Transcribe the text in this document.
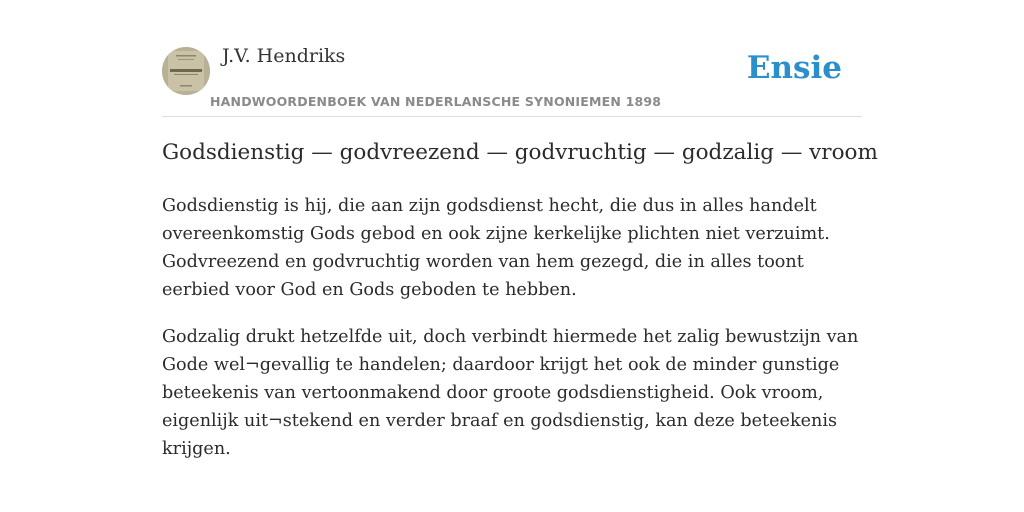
J.V. Hendriks
HANDWOORDENBOEK VAN NEDERLANSCHE SYNONIEMEN 1898
Ensie
Godsdienstig — godvreezend — godvruchtig — godzalig — vroom

Godsdienstig is hij, die aan zijn godsdienst hecht, die dus in alles handelt overeenkomstig Gods gebod en ook zijne kerkelijke plichten niet verzuimt. Godvreezend en godvruchtig worden van hem gezegd, die in alles toont eerbied voor God en Gods geboden te hebben.

Godzalig drukt hetzelfde uit, doch verbindt hiermede het zalig bewustzijn van Gode wel¬gevallig te handelen; daardoor krijgt het ook de minder gunstige beteekenis van vertoonmakend door groote godsdienstigheid. Ook vroom, eigenlijk uit¬stekend en verder braaf en godsdienstig, kan deze beteekenis krijgen.
